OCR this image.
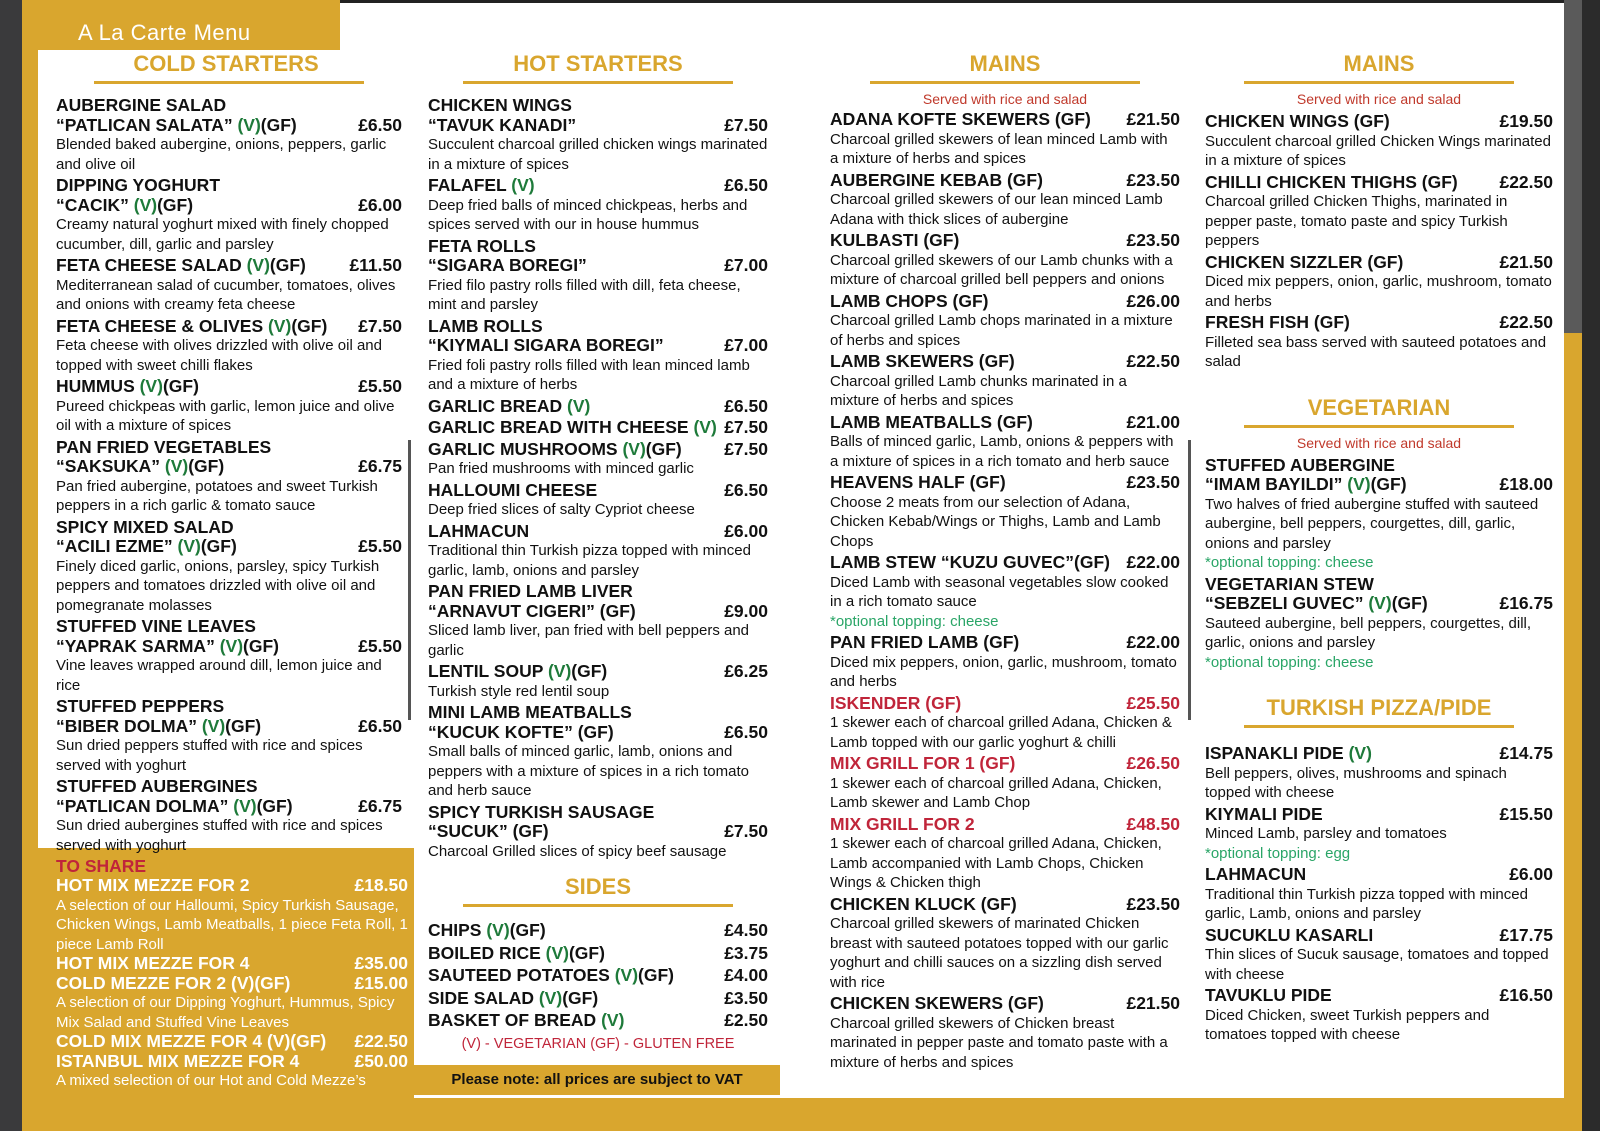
A La Carte Menu
COLD STARTERS
AUBERGINE SALAD
“PATLICAN SALATA” (V)(GF)	£6.50
Blended baked aubergine, onions, peppers, garlic and olive oil
DIPPING YOGHURT
“CACIK” (V)(GF)	£6.00
Creamy natural yoghurt mixed with finely chopped cucumber, dill, garlic and parsley
FETA CHEESE SALAD (V)(GF)	£11.50
Mediterranean salad of cucumber, tomatoes, olives and onions with creamy feta cheese
FETA CHEESE & OLIVES (V)(GF)	£7.50
Feta cheese with olives drizzled with olive oil and topped with sweet chilli flakes
HUMMUS (V)(GF)	£5.50
Pureed chickpeas with garlic, lemon juice and olive oil with a mixture of spices
PAN FRIED VEGETABLES
“SAKSUKA” (V)(GF)	£6.75
Pan fried aubergine, potatoes and sweet Turkish peppers in a rich garlic & tomato sauce
SPICY MIXED SALAD
“ACILI EZME” (V)(GF)	£5.50
Finely diced garlic, onions, parsley, spicy Turkish peppers and tomatoes drizzled with olive oil and pomegranate molasses
STUFFED VINE LEAVES
“YAPRAK SARMA” (V)(GF)	£5.50
Vine leaves wrapped around dill, lemon juice and rice
STUFFED PEPPERS
“BIBER DOLMA” (V)(GF)	£6.50
Sun dried peppers stuffed with rice and spices served with yoghurt
STUFFED AUBERGINES
“PATLICAN DOLMA” (V)(GF)	£6.75
Sun dried aubergines stuffed with rice and spices served with yoghurt
TO SHARE
HOT MIX MEZZE FOR 2	£18.50
A selection of our Halloumi, Spicy Turkish Sausage, Chicken Wings, Lamb Meatballs, 1 piece Feta Roll, 1 piece Lamb Roll
HOT MIX MEZZE FOR 4	£35.00
COLD MEZZE FOR 2 (V)(GF)	£15.00
A selection of our Dipping Yoghurt, Hummus, Spicy Mix Salad and Stuffed Vine Leaves
COLD MIX MEZZE FOR 4 (V)(GF)	£22.50
ISTANBUL MIX MEZZE FOR 4	£50.00
A mixed selection of our Hot and Cold Mezze’s
HOT STARTERS
CHICKEN WINGS
“TAVUK KANADI”	£7.50
Succulent charcoal grilled chicken wings marinated in a mixture of spices
FALAFEL (V)	£6.50
Deep fried balls of minced chickpeas, herbs and spices served with our in house hummus
FETA ROLLS
“SIGARA BOREGI”	£7.00
Fried filo pastry rolls filled with dill, feta cheese, mint and parsley
LAMB ROLLS
“KIYMALI SIGARA BOREGI”	£7.00
Fried foli pastry rolls filled with lean minced lamb and a mixture of herbs
GARLIC BREAD (V)	£6.50
GARLIC BREAD WITH CHEESE (V) £7.50
GARLIC MUSHROOMS (V)(GF)	£7.50
Pan fried mushrooms with minced garlic
HALLOUMI CHEESE	£6.50
Deep fried slices of salty Cypriot cheese
LAHMACUN	£6.00
Traditional thin Turkish pizza topped with minced garlic, lamb, onions and parsley
PAN FRIED LAMB LIVER
“ARNAVUT CIGERI” (GF)	£9.00
Sliced lamb liver, pan fried with bell peppers and garlic
LENTIL SOUP (V)(GF)	£6.25
Turkish style red lentil soup
MINI LAMB MEATBALLS
“KUCUK KOFTE” (GF)	£6.50
Small balls of minced garlic, lamb, onions and peppers with a mixture of spices in a rich tomato and herb sauce
SPICY TURKISH SAUSAGE
“SUCUK” (GF)	£7.50
Charcoal Grilled slices of spicy beef sausage
SIDES
CHIPS (V)(GF)	£4.50
BOILED RICE (V)(GF)	£3.75
SAUTEED POTATOES (V)(GF)	£4.00
SIDE SALAD (V)(GF)	£3.50
BASKET OF BREAD (V)	£2.50
(V) - VEGETARIAN (GF) - GLUTEN FREE
Please note: all prices are subject to VAT
MAINS
Served with rice and salad
ADANA KOFTE SKEWERS (GF)	£21.50
Charcoal grilled skewers of lean minced Lamb with a mixture of herbs and spices
AUBERGINE KEBAB (GF)	£23.50
Charcoal grilled skewers of our lean minced Lamb Adana with thick slices of aubergine
KULBASTI (GF)	£23.50
Charcoal grilled skewers of our Lamb chunks with a mixture of charcoal grilled bell peppers and onions
LAMB CHOPS (GF)	£26.00
Charcoal grilled Lamb chops marinated in a mixture of herbs and spices
LAMB SKEWERS (GF)	£22.50
Charcoal grilled Lamb chunks marinated in a mixture of herbs and spices
LAMB MEATBALLS (GF)	£21.00
Balls of minced garlic, Lamb, onions & peppers with a mixture of spices in a rich tomato and herb sauce
HEAVENS HALF (GF)	£23.50
Choose 2 meats from our selection of Adana, Chicken Kebab/Wings or Thighs, Lamb and Lamb Chops
LAMB STEW “KUZU GUVEC”(GF) £22.00
Diced Lamb with seasonal vegetables slow cooked in a rich tomato sauce
*optional topping: cheese
PAN FRIED LAMB (GF)	£22.00
Diced mix peppers, onion, garlic, mushroom, tomato and herbs
ISKENDER (GF)	£25.50
1 skewer each of charcoal grilled Adana, Chicken & Lamb topped with our garlic yoghurt & chilli
MIX GRILL FOR 1 (GF)	£26.50
1 skewer each of charcoal grilled Adana, Chicken, Lamb skewer and Lamb Chop
MIX GRILL FOR 2	£48.50
1 skewer each of charcoal grilled Adana, Chicken, Lamb accompanied with Lamb Chops, Chicken Wings & Chicken thigh
CHICKEN KLUCK (GF)	£23.50
Charcoal grilled skewers of marinated Chicken breast with sauteed potatoes topped with our garlic yoghurt and chilli sauces on a sizzling dish served with rice
CHICKEN SKEWERS (GF)	£21.50
Charcoal grilled skewers of Chicken breast marinated in pepper paste and tomato paste with a mixture of herbs and spices
MAINS
Served with rice and salad
CHICKEN WINGS (GF)	£19.50
Succulent charcoal grilled Chicken Wings marinated in a mixture of spices
CHILLI CHICKEN THIGHS (GF)	£22.50
Charcoal grilled Chicken Thighs, marinated in pepper paste, tomato paste and spicy Turkish peppers
CHICKEN SIZZLER (GF)	£21.50
Diced mix peppers, onion, garlic, mushroom, tomato and herbs
FRESH FISH (GF)	£22.50
Filleted sea bass served with sauteed potatoes and salad
VEGETARIAN
Served with rice and salad
STUFFED AUBERGINE
“IMAM BAYILDI” (V)(GF)	£18.00
Two halves of fried aubergine stuffed with sauteed aubergine, bell peppers, courgettes, dill, garlic, onions and parsley
*optional topping: cheese
VEGETARIAN STEW
“SEBZELI GUVEC” (V)(GF)	£16.75
Sauteed aubergine, bell peppers, courgettes, dill, garlic, onions and parsley
*optional topping: cheese
TURKISH PIZZA/PIDE
ISPANAKLI PIDE (V)	£14.75
Bell peppers, olives, mushrooms and spinach topped with cheese
KIYMALI PIDE	£15.50
Minced Lamb, parsley and tomatoes
*optional topping: egg
LAHMACUN	£6.00
Traditional thin Turkish pizza topped with minced garlic, Lamb, onions and parsley
SUCUKLU KASARLI	£17.75
Thin slices of Sucuk sausage, tomatoes and topped with cheese
TAVUKLU PIDE	£16.50
Diced Chicken, sweet Turkish peppers and tomatoes topped with cheese
